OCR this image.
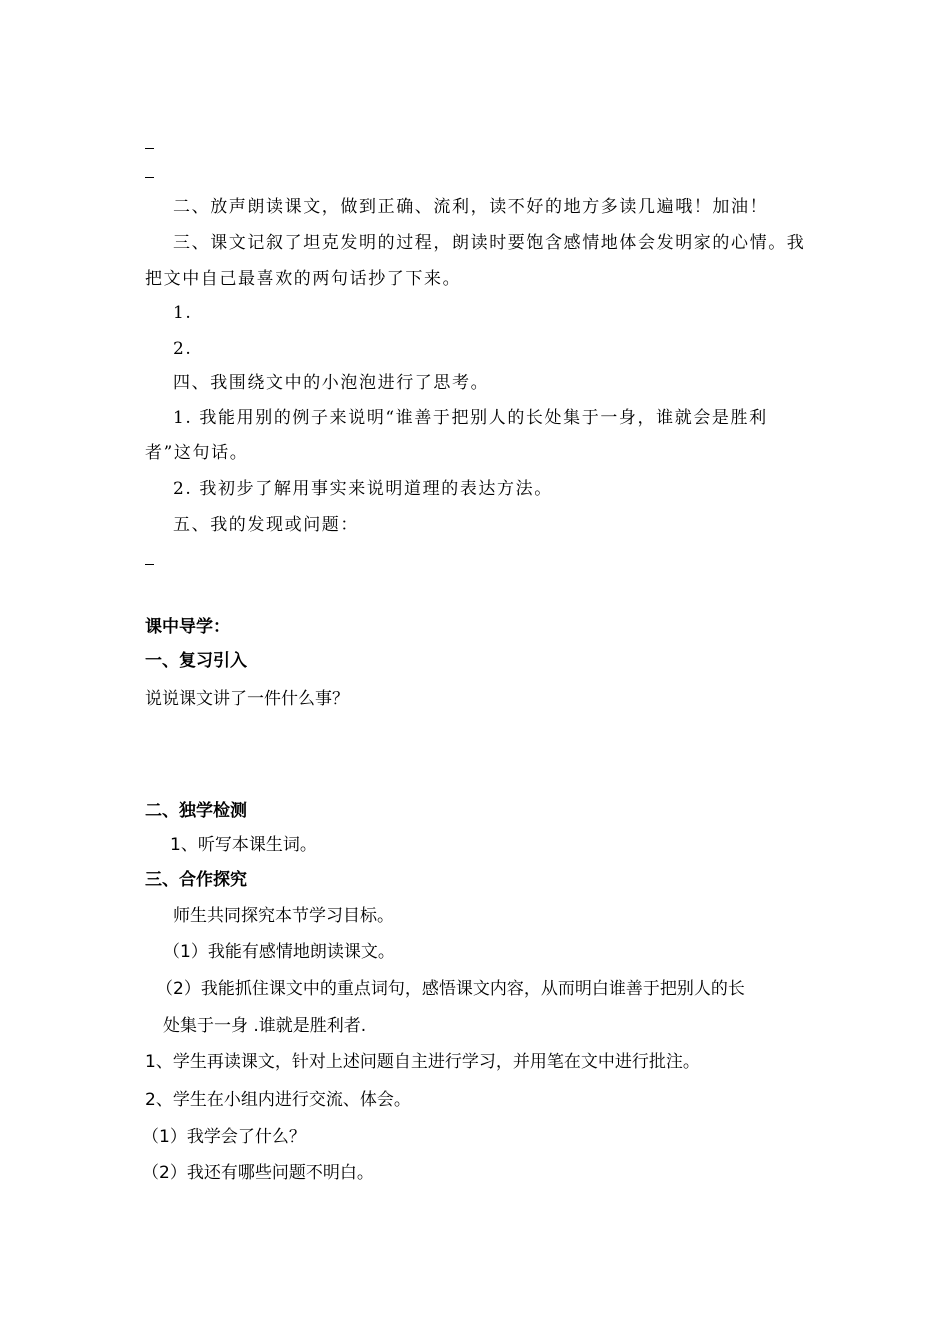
二、放声朗读课文，做到正确、流利，读不好的地方多读几遍哦！加油！
三、课文记叙了坦克发明的过程，朗读时要饱含感情地体会发明家的心情。我
把文中自己最喜欢的两句话抄了下来。
1.
2.
四、我围绕文中的小泡泡进行了思考。
1. 我能用别的例子来说明“谁善于把别人的长处集于一身，谁就会是胜利
者”这句话。
2. 我初步了解用事实来说明道理的表达方法。
五、我的发现或问题：
课中导学：
一、复习引入
说说课文讲了一件什么事？
二、独学检测
1、听写本课生词。
三、合作探究
师生共同探究本节学习目标。
（1）我能有感情地朗读课文。
（2）我能抓住课文中的重点词句，感悟课文内容，从而明白谁善于把别人的长
处集于一身 .谁就是胜利者.
1、学生再读课文，针对上述问题自主进行学习，并用笔在文中进行批注。
2、学生在小组内进行交流、体会。
（1）我学会了什么？
（2）我还有哪些问题不明白。
